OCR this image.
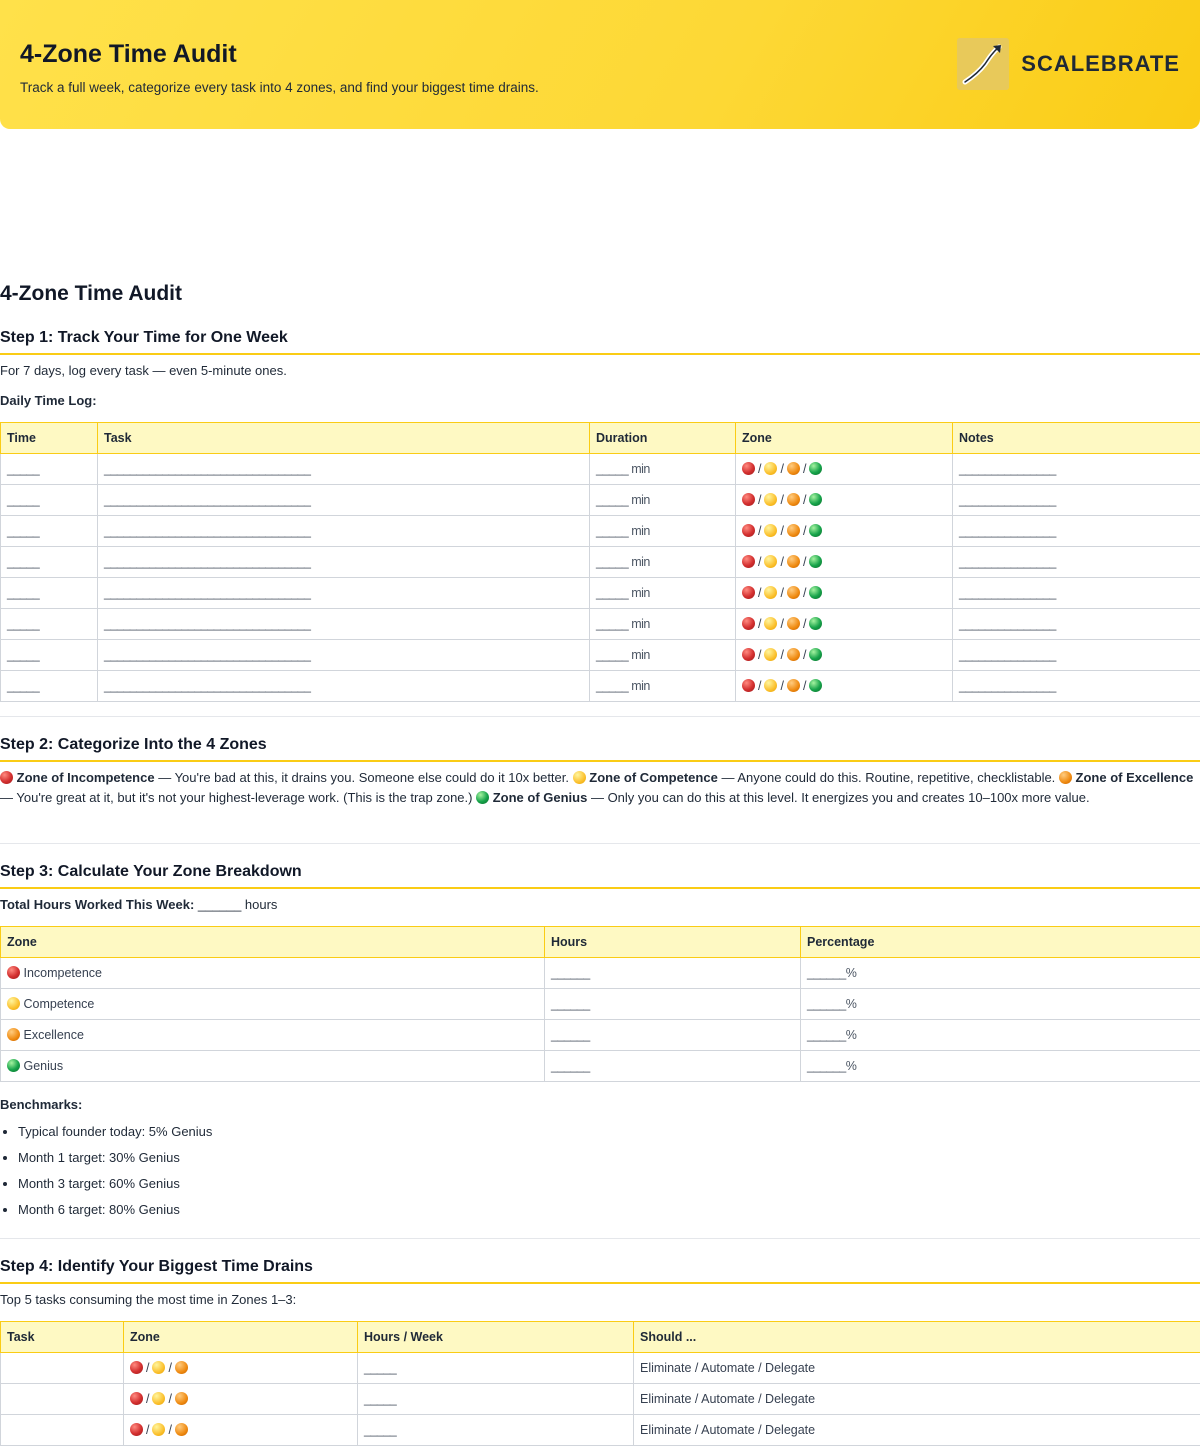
4-Zone Time Audit
Track a full week, categorize every task into 4 zones, and find your biggest time drains.
SCALEBRATE
4-Zone Time Audit
Step 1: Track Your Time for One Week

For 7 days, log every task — even 5-minute ones.

Daily Time Log:

Time	Task	Duration	Zone	Notes
_____	________________________________	_____ min	/ / /	_______________
_____	________________________________	_____ min	/ / /	_______________
_____	________________________________	_____ min	/ / /	_______________
_____	________________________________	_____ min	/ / /	_______________
_____	________________________________	_____ min	/ / /	_______________
_____	________________________________	_____ min	/ / /	_______________
_____	________________________________	_____ min	/ / /	_______________
_____	________________________________	_____ min	/ / /	_______________
Step 2: Categorize Into the 4 Zones

Zone of Incompetence — You're bad at this, it drains you. Someone else could do it 10x better.  Zone of Competence — Anyone could do this. Routine, repetitive, checklistable.  Zone of Excellence — You're great at it, but it's not your highest-leverage work. (This is the trap zone.)  Zone of Genius — Only you can do this at this level. It energizes you and creates 10–100x more value.

Step 3: Calculate Your Zone Breakdown

Total Hours Worked This Week: ______ hours

Zone	Hours	Percentage
Incompetence	______	______%
Competence	______	______%
Excellence	______	______%
Genius	______	______%

Benchmarks:

• Typical founder today: 5% Genius
• Month 1 target: 30% Genius
• Month 3 target: 60% Genius
• Month 6 target: 80% Genius
Step 4: Identify Your Biggest Time Drains

Top 5 tasks consuming the most time in Zones 1–3:

Task	Zone	Hours / Week	Should ...
	/ /	_____	Eliminate / Automate / Delegate
	/ /	_____	Eliminate / Automate / Delegate
	/ /	_____	Eliminate / Automate / Delegate
